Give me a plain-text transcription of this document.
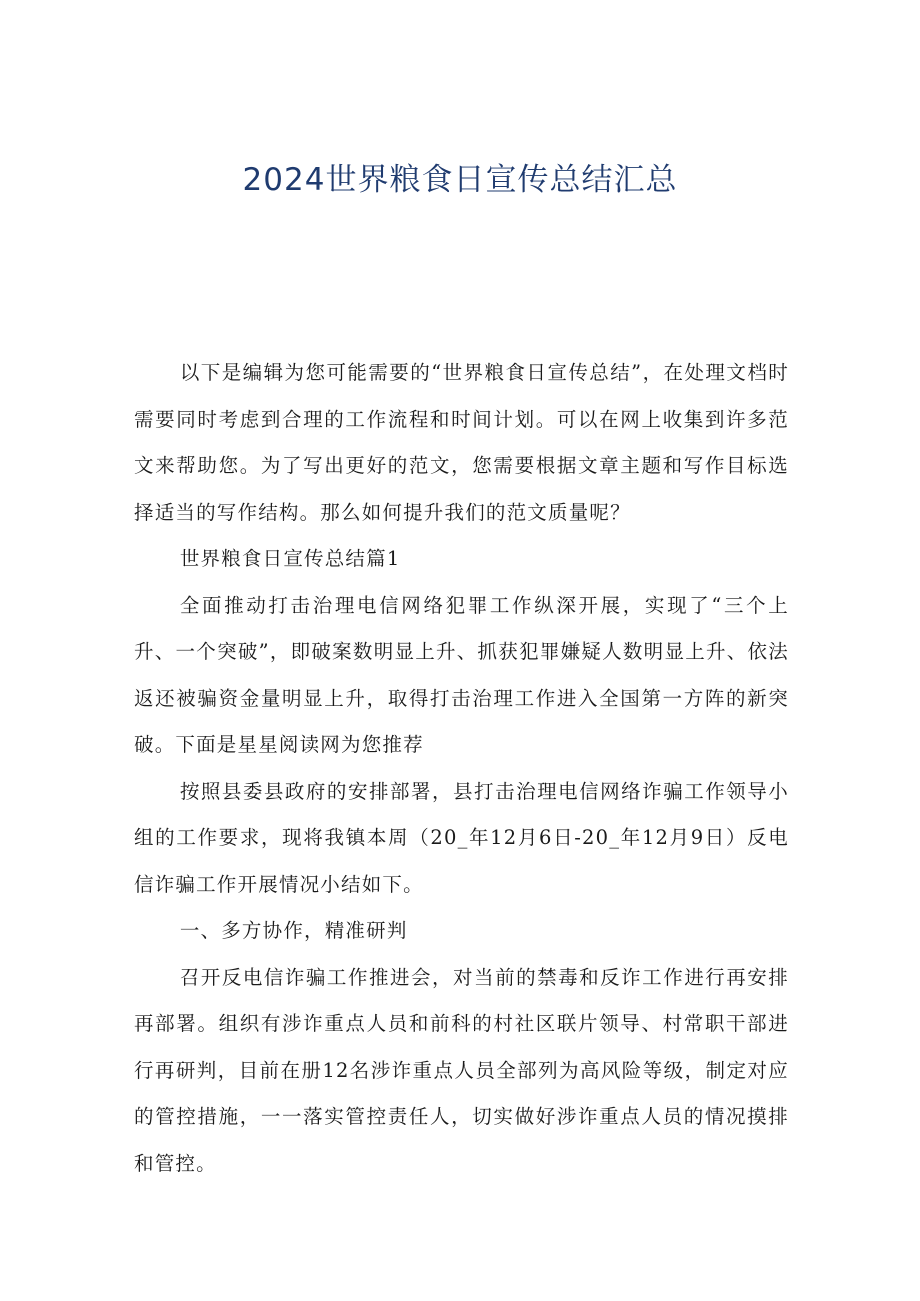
2024世界粮食日宣传总结汇总

以下是编辑为您可能需要的“世界粮食日宣传总结”，在处理文档时需要同时考虑到合理的工作流程和时间计划。可以在网上收集到许多范文来帮助您。为了写出更好的范文，您需要根据文章主题和写作目标选择适当的写作结构。那么如何提升我们的范文质量呢？

世界粮食日宣传总结篇1

全面推动打击治理电信网络犯罪工作纵深开展，实现了“三个上升、一个突破”，即破案数明显上升、抓获犯罪嫌疑人数明显上升、依法返还被骗资金量明显上升，取得打击治理工作进入全国第一方阵的新突破。下面是星星阅读网为您推荐

按照县委县政府的安排部署，县打击治理电信网络诈骗工作领导小组的工作要求，现将我镇本周（20_年12月6日-20_年12月9日）反电信诈骗工作开展情况小结如下。

一、多方协作，精准研判

召开反电信诈骗工作推进会，对当前的禁毒和反诈工作进行再安排再部署。组织有涉诈重点人员和前科的村社区联片领导、村常职干部进行再研判，目前在册12名涉诈重点人员全部列为高风险等级，制定对应的管控措施，一一落实管控责任人，切实做好涉诈重点人员的情况摸排和管控。
